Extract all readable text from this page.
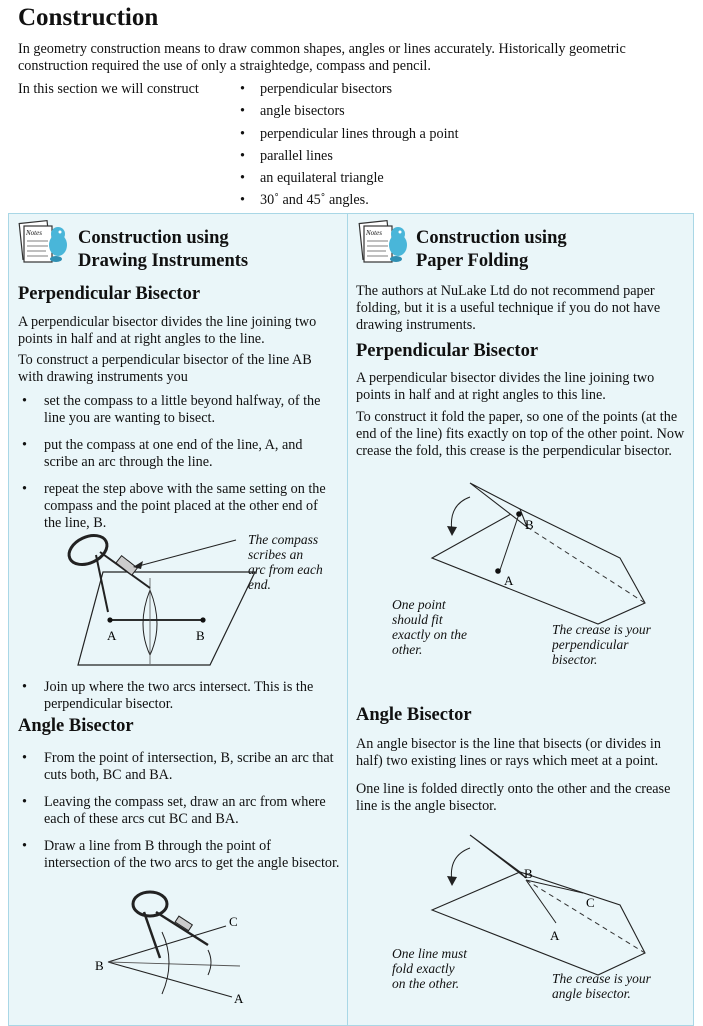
Construction
In geometry construction means to draw common shapes, angles or lines accurately. Historically geometric construction required the use of only a straightedge, compass and pencil.
In this section we will construct
•	perpendicular bisectors
• angle bisectors
• perpendicular lines through a point
• parallel lines
• an equilateral triangle
• 30˚ and 45˚ angles.
Notes Construction using
Drawing Instruments
Perpendicular Bisector
A perpendicular bisector divides the line joining two points in half and at right angles to the line.
To construct a perpendicular bisector of the line AB with drawing instruments you
• set the compass to a little beyond halfway, of the line you are wanting to bisect.
• put the compass at one end of the line, A, and scribe an arc through the line.
• repeat the step above with the same setting on the compass and the point placed at the other end of the line, B.
The compass
scribes an
arc from each
end.
A	B
• Join up where the two arcs intersect. This is the perpendicular bisector.
Angle Bisector
• From the point of intersection, B, scribe an arc that cuts both, BC and BA.
• Leaving the compass set, draw an arc from where each of these arcs cut BC and BA.
• Draw a line from B through the point of intersection of the two arcs to get the angle bisector.
B
C
A
Notes Construction using
Paper Folding
The authors at NuLake Ltd do not recommend paper folding, but it is a useful technique if you do not have drawing instruments.
Perpendicular Bisector
A perpendicular bisector divides the line joining two points in half and at right angles to this line.
To construct it fold the paper, so one of the points (at the end of the line) fits exactly on top of the other point. Now crease the fold, this crease is the perpendicular bisector.
B
A
One point
should fit
exactly on the
other.
The crease is your
perpendicular
bisector.
Angle Bisector
An angle bisector is the line that bisects (or divides in half) two existing lines or rays which meet at a point.
One line is folded directly onto the other and the crease line is the angle bisector.
B
C
A
One line must
fold exactly
on the other.	The crease is your
angle bisector.
